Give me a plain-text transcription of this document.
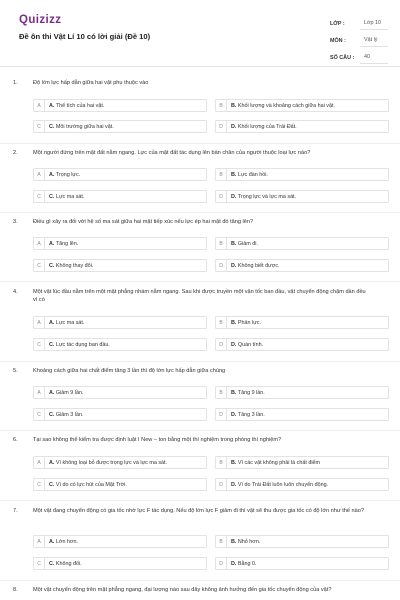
Quizizz
Đề ôn thi Vật Lí 10 có lời giải (Đề 10)
LỚP :	Lớp 10
MÔN :	Vật lý
SỐ CÂU :	40
1.	Độ lớn lực hấp dẫn giữa hai vật phụ thuộc vào
A	A. Thể tích của hai vật.	B	B. Khối lượng và khoảng cách giữa hai vật.
C	C. Môi trường giữa hai vật.	D	D. Khối lượng của Trái Đất.
2.	Một người đứng trên mặt đất nằm ngang. Lực của mặt đất tác dụng lên bàn chân của người thuộc loại lực nào?
A	A. Trọng lực.	B	B. Lực đàn hồi.
C	C. Lực ma sát.	D	D. Trọng lực và lực ma sát.
3.	Điều gì xảy ra đối với hệ số ma sát giữa hai mặt tiếp xúc nếu lực ép hai mặt đó tăng lên?
A	A. Tăng lên.	B	B. Giảm đi.
C	C. Không thay đổi.	D	D. Không biết được.
4.	Một vật lúc đầu nằm trên một mặt phẳng nhám nằm ngang. Sau khi được truyền một vận tốc ban đầu, vật chuyển động chậm dần đều vì có
A	A. Lực ma sát.	B	B. Phản lực.
C	C. Lực tác dụng ban đầu.	D	D. Quán tính.
5.	Khoảng cách giữa hai chất điểm tăng 3 lần thì độ lớn lực hấp dẫn giữa chúng
A	A. Giảm 9 lần.	B	B. Tăng 9 lần.
C	C. Giảm 3 lần.	D	D. Tăng 3 lần.
6.	Tại sao không thể kiểm tra được định luật I New – ton bằng một thí nghiệm trong phòng thí nghiệm?
A	A. Vì không loại bỏ được trọng lực và lực ma sát.	B	B. Vì các vật không phải là chất điểm
C	C. Vì do có lực hút của Mặt Trời.	D	D. Vì do Trái Đất luôn luôn chuyển động.
7.	Một vật đang chuyển động có gia tốc nhờ lực F tác dụng. Nếu độ lớn lực F giảm đi thì vật sẽ thu được gia tốc có độ lớn như thế nào?
A	A. Lớn hơn.	B	B. Nhỏ hơn.
C	C. Không đổi.	D	D. Bằng 0.
8.	Một vật chuyển động trên mặt phẳng ngang, đại lượng nào sau đây không ảnh hưởng đến gia tốc chuyển động của vật?
